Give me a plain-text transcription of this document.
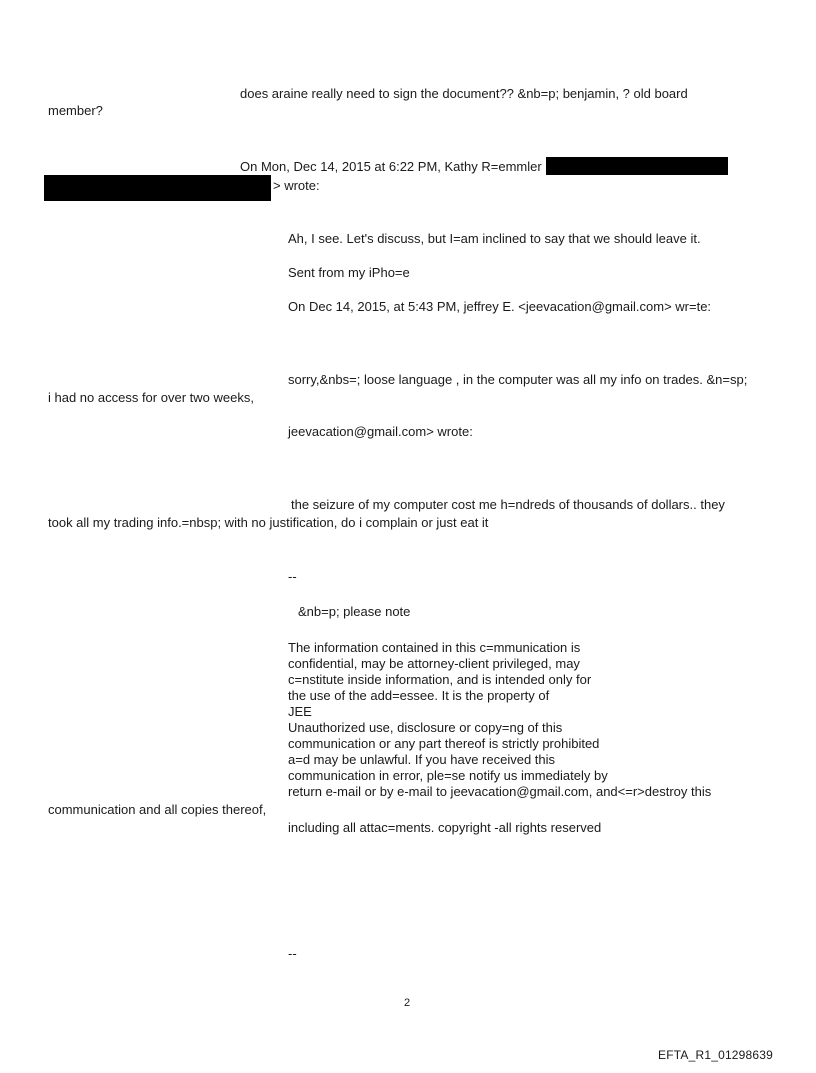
does araine really need to sign the document?? &nb=p; benjamin, ? old board

member?

On Mon, Dec 14, 2015 at 6:22 PM, Kathy R=emmler

> wrote:

Ah, I see. Let's discuss, but I=am inclined to say that we should leave it.

Sent from my iPho=e

On Dec 14, 2015, at 5:43 PM, jeffrey E. <jeevacation@gmail.com> wr=te:

sorry,&nbs=; loose language , in the computer was all my info on trades. &n=sp;

i had no access for over two weeks,

jeevacation@gmail.com> wrote:

the seizure of my computer cost me h=ndreds of thousands of dollars.. they

took all my trading info.=nbsp; with no justification, do i complain or just eat it

--

&nb=p; please note

The information contained in this c=mmunication is

confidential, may be attorney-client privileged, may

c=nstitute inside information, and is intended only for

the use of the add=essee. It is the property of

JEE

Unauthorized use, disclosure or copy=ng of this

communication or any part thereof is strictly prohibited

a=d may be unlawful. If you have received this

communication in error, ple=se notify us immediately by

return e-mail or by e-mail to jeevacation@gmail.com, and<=r>destroy this

communication and all copies thereof,

including all attac=ments. copyright -all rights reserved

--

2
EFTA_R1_01298639
